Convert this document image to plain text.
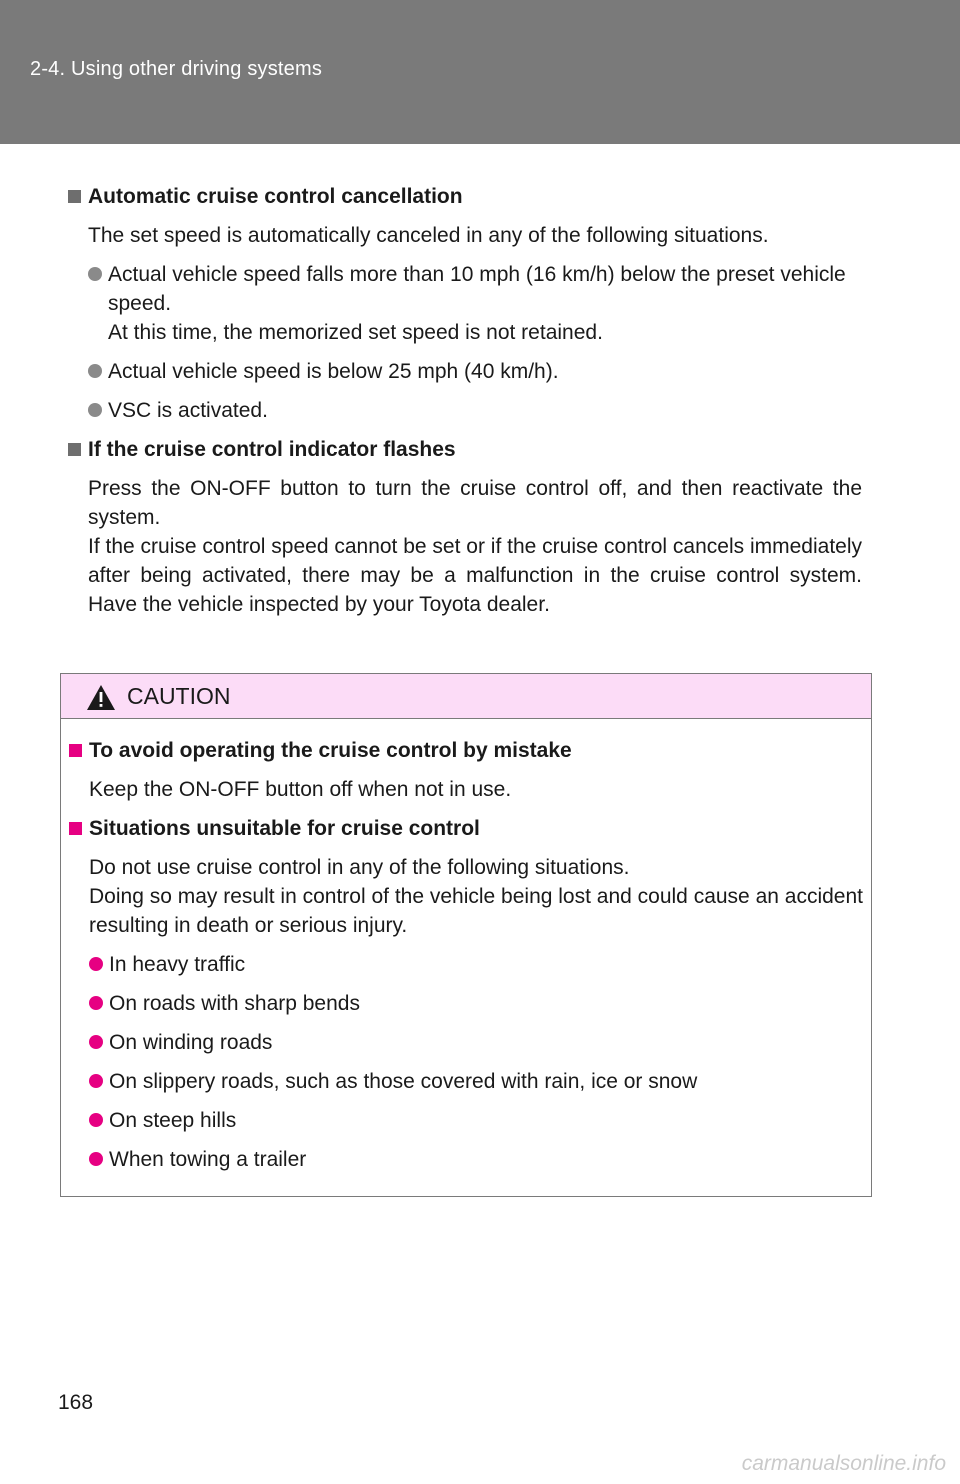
2-4. Using other driving systems
Automatic cruise control cancellation
The set speed is automatically canceled in any of the following situations.
Actual vehicle speed falls more than 10 mph (16 km/h) below the preset vehicle speed.
At this time, the memorized set speed is not retained.
Actual vehicle speed is below 25 mph (40 km/h).
VSC is activated.
If the cruise control indicator flashes
Press the ON-OFF button to turn the cruise control off, and then reactivate the system.
If the cruise control speed cannot be set or if the cruise control cancels immediately after being activated, there may be a malfunction in the cruise control system. Have the vehicle inspected by your Toyota dealer.
CAUTION
To avoid operating the cruise control by mistake
Keep the ON-OFF button off when not in use.
Situations unsuitable for cruise control
Do not use cruise control in any of the following situations.
Doing so may result in control of the vehicle being lost and could cause an accident resulting in death or serious injury.
In heavy traffic
On roads with sharp bends
On winding roads
On slippery roads, such as those covered with rain, ice or snow
On steep hills
When towing a trailer
168
carmanualsonline.info
